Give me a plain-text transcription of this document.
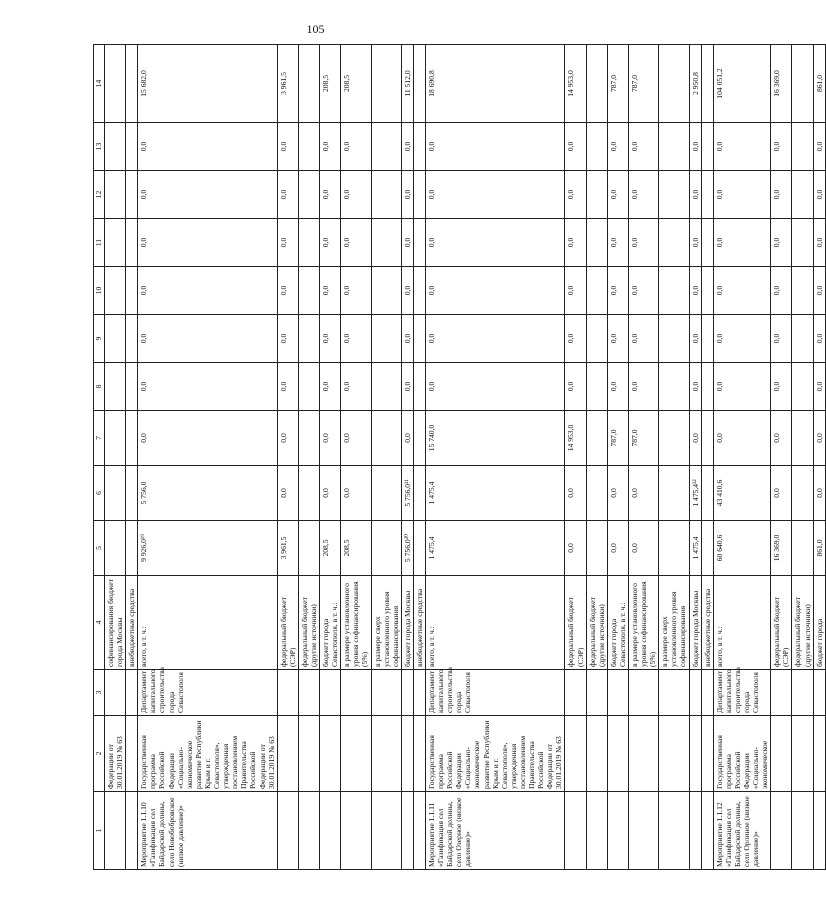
105
1	2	3	4	5	6	7	8	9	10	11	12	13	14
	Федерации от 30.01.2019 № 63		софинансирования бюджет города Москвы										
			внебюджетные средства										
Мероприятие 1.1.10 «Газификация сел Байдарской долины, село Новобобровское (низкое давление)»	Государственная программа Российской Федерации «Социально-экономическое развитие Республики Крым и г. Севастополя», утвержденная постановлением Правительства Российской Федерации от 30.01.2019 № 63	Департамент капитального строительства города Севастополя	всего, в т. ч.:	9 926,0¹⁹	5 756,0	0,0	0,0	0,0	0,0	0,0	0,0	0,0	15 682,0
			федеральный бюджет (СЭР)	3 961,5	0,0	0,0	0,0	0,0	0,0	0,0	0,0	0,0	3 961,5
			федеральный бюджет (другие источники)										
			бюджет города Севастополя, в т. ч.:	208,5	0,0	0,0	0,0	0,0	0,0	0,0	0,0	0,0	208,5
			в размере установленного уровня софинансирования (5%)	208,5	0,0	0,0	0,0	0,0	0,0	0,0	0,0	0,0	208,5
			в размере сверх установленного уровня софинансирования										
			бюджет города Москвы	5 756,0²⁰	5 756,0²¹	0,0	0,0	0,0	0,0	0,0	0,0	0,0	11 512,0
			внебюджетные средства										
Мероприятие 1.1.11 «Газификация сел Байдарской долины, село Озерное (низкое давление)»	Государственная программа Российской Федерации «Социально-экономическое развитие Республики Крым и г. Севастополя», утвержденная постановлением Правительства Российской Федерации от 30.01.2019 № 63	Департамент капитального строительства города Севастополя	всего, в т. ч.:	1 475,4	1 475,4	15 740,0	0,0	0,0	0,0	0,0	0,0	0,0	18 690,8
			федеральный бюджет (СЭР)	0,0	0,0	14 953,0	0,0	0,0	0,0	0,0	0,0	0,0	14 953,0
			федеральный бюджет (другие источники)										
			бюджет города Севастополя, в т. ч.:	0,0	0,0	787,0	0,0	0,0	0,0	0,0	0,0	0,0	787,0
			в размере установленного уровня софинансирования (5%)	0,0	0,0	787,0	0,0	0,0	0,0	0,0	0,0	0,0	787,0
			в размере сверх установленного уровня софинансирования										
			бюджет города Москвы	1 475,4	1 475,4²²	0,0	0,0	0,0	0,0	0,0	0,0	0,0	2 950,8
			внебюджетные средства										
Мероприятие 1.1.12 «Газификация сел Байдарской долины, село Орлиное (низкое давление)»	Государственная программа Российской Федерации «Социально-экономическое	Департамент капитального строительства города Севастополя	всего, в т. ч.:	60 640,6	43 410,6	0,0	0,0	0,0	0,0	0,0	0,0	0,0	104 051,2
			федеральный бюджет (СЭР)	16 369,0	0,0	0,0	0,0	0,0	0,0	0,0	0,0	0,0	16 369,0
			федеральный бюджет (другие источники)										
			бюджет города	861,0	0,0	0,0	0,0	0,0	0,0	0,0	0,0	0,0	861,0
